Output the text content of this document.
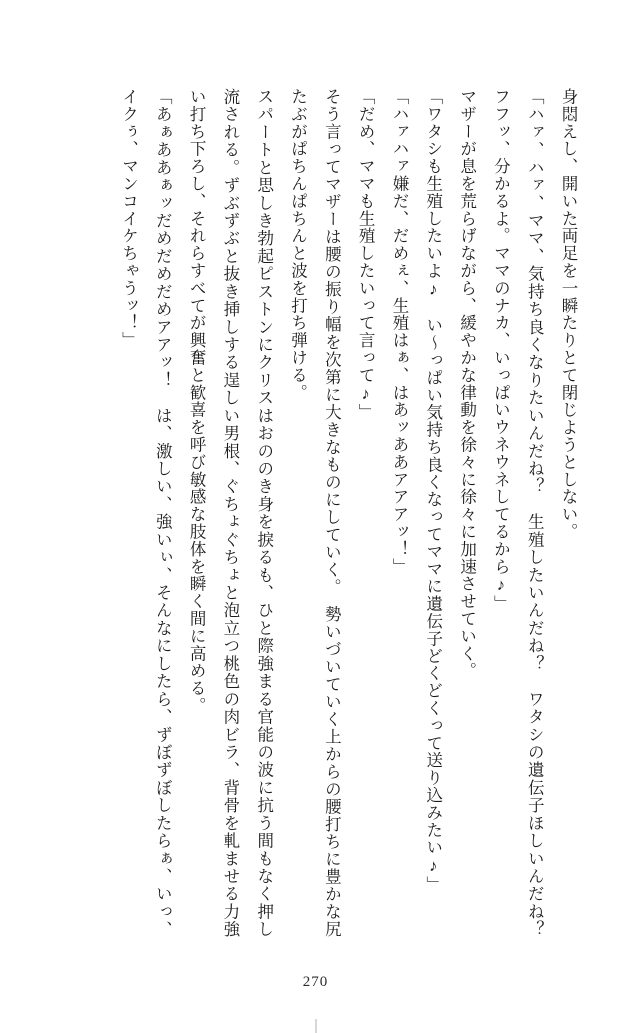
身悶えし、開いた両足を一瞬たりとて閉じようとしない。

「ハァ、ハァ、ママ、気持ち良くなりたいんだね？　生殖したいんだね？　ワタシの遺伝子ほしいんだね？　フフッ、分かるよ。ママのナカ、いっぱいウネウネしてるから♪」

マザーが息を荒らげながら、緩やかな律動を徐々に徐々に加速させていく。

「ワタシも生殖したいよ♪　い～っぱい気持ち良くなってママに遺伝子どくどくって送り込みたい♪」

「ハァハァ嫌だ、だめぇ、生殖はぁ、はあッああアアアッ！」

「だめ、ママも生殖したいって言って♪」

そう言ってマザーは腰の振り幅を次第に大きなものにしていく。　勢いづいていく上からの腰打ちに豊かな尻たぶがぱちんぱちんと波を打ち弾ける。

スパートと思しき勃起ピストンにクリスはおののき身を捩るも、ひと際強まる官能の波に抗う間もなく押し流される。ずぶずぶと抜き挿しする逞しい男根、ぐちょぐちょと泡立つ桃色の肉ビラ、背骨を軋ませる力強い打ち下ろし、それらすべてが興奮と歓喜を呼び敏感な肢体を瞬く間に高める。

「あぁああぁッだめだめだめアアッ！　は、激しい、強いぃ、そんなにしたら、ずぼずぼしたらぁ、いっ、イクぅ、マンコイケちゃうッ！」

270
